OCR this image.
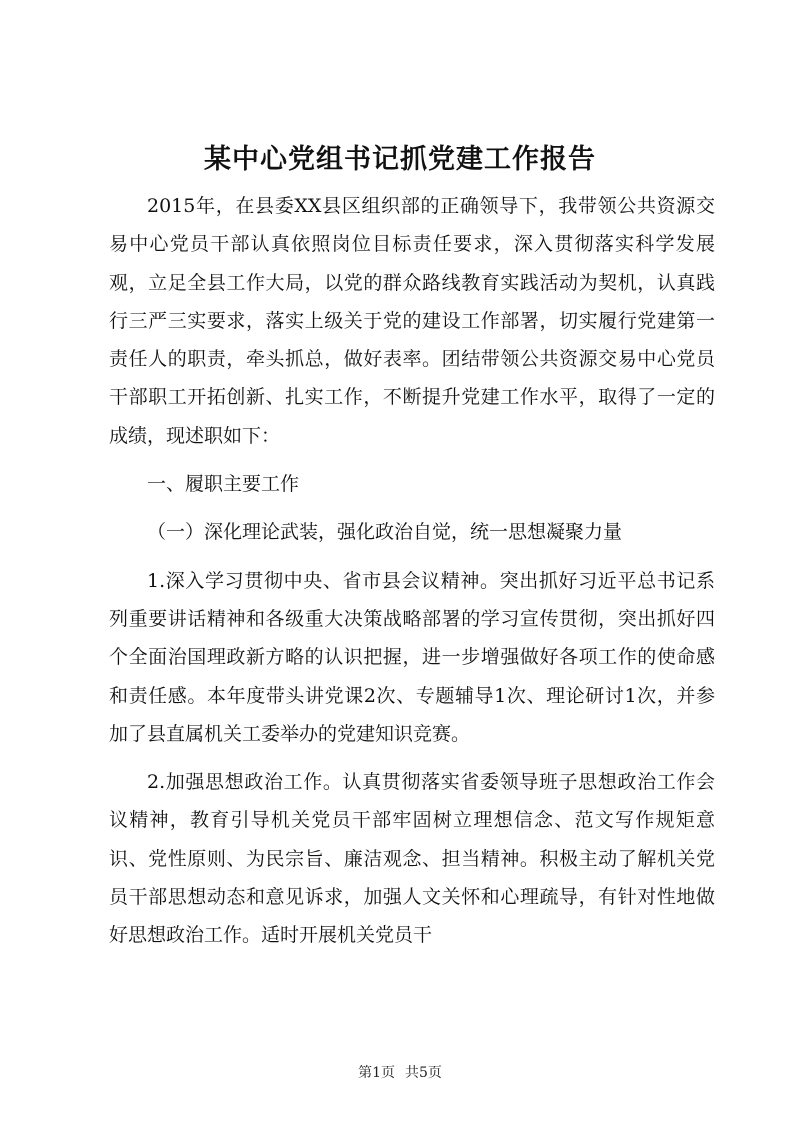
某中心党组书记抓党建工作报告

2015年，在县委XX县区组织部的正确领导下，我带领公共资源交易中心党员干部认真依照岗位目标责任要求，深入贯彻落实科学发展观，立足全县工作大局，以党的群众路线教育实践活动为契机，认真践行三严三实要求，落实上级关于党的建设工作部署，切实履行党建第一责任人的职责，牵头抓总，做好表率。团结带领公共资源交易中心党员干部职工开拓创新、扎实工作，不断提升党建工作水平，取得了一定的成绩，现述职如下：

一、履职主要工作

（一）深化理论武装，强化政治自觉，统一思想凝聚力量

1.深入学习贯彻中央、省市县会议精神。突出抓好习近平总书记系列重要讲话精神和各级重大决策战略部署的学习宣传贯彻，突出抓好四个全面治国理政新方略的认识把握，进一步增强做好各项工作的使命感和责任感。本年度带头讲党课2次、专题辅导1次、理论研讨1次，并参加了县直属机关工委举办的党建知识竞赛。

2.加强思想政治工作。认真贯彻落实省委领导班子思想政治工作会议精神，教育引导机关党员干部牢固树立理想信念、范文写作规矩意识、党性原则、为民宗旨、廉洁观念、担当精神。积极主动了解机关党员干部思想动态和意见诉求，加强人文关怀和心理疏导，有针对性地做好思想政治工作。适时开展机关党员干

第1页 共5页
